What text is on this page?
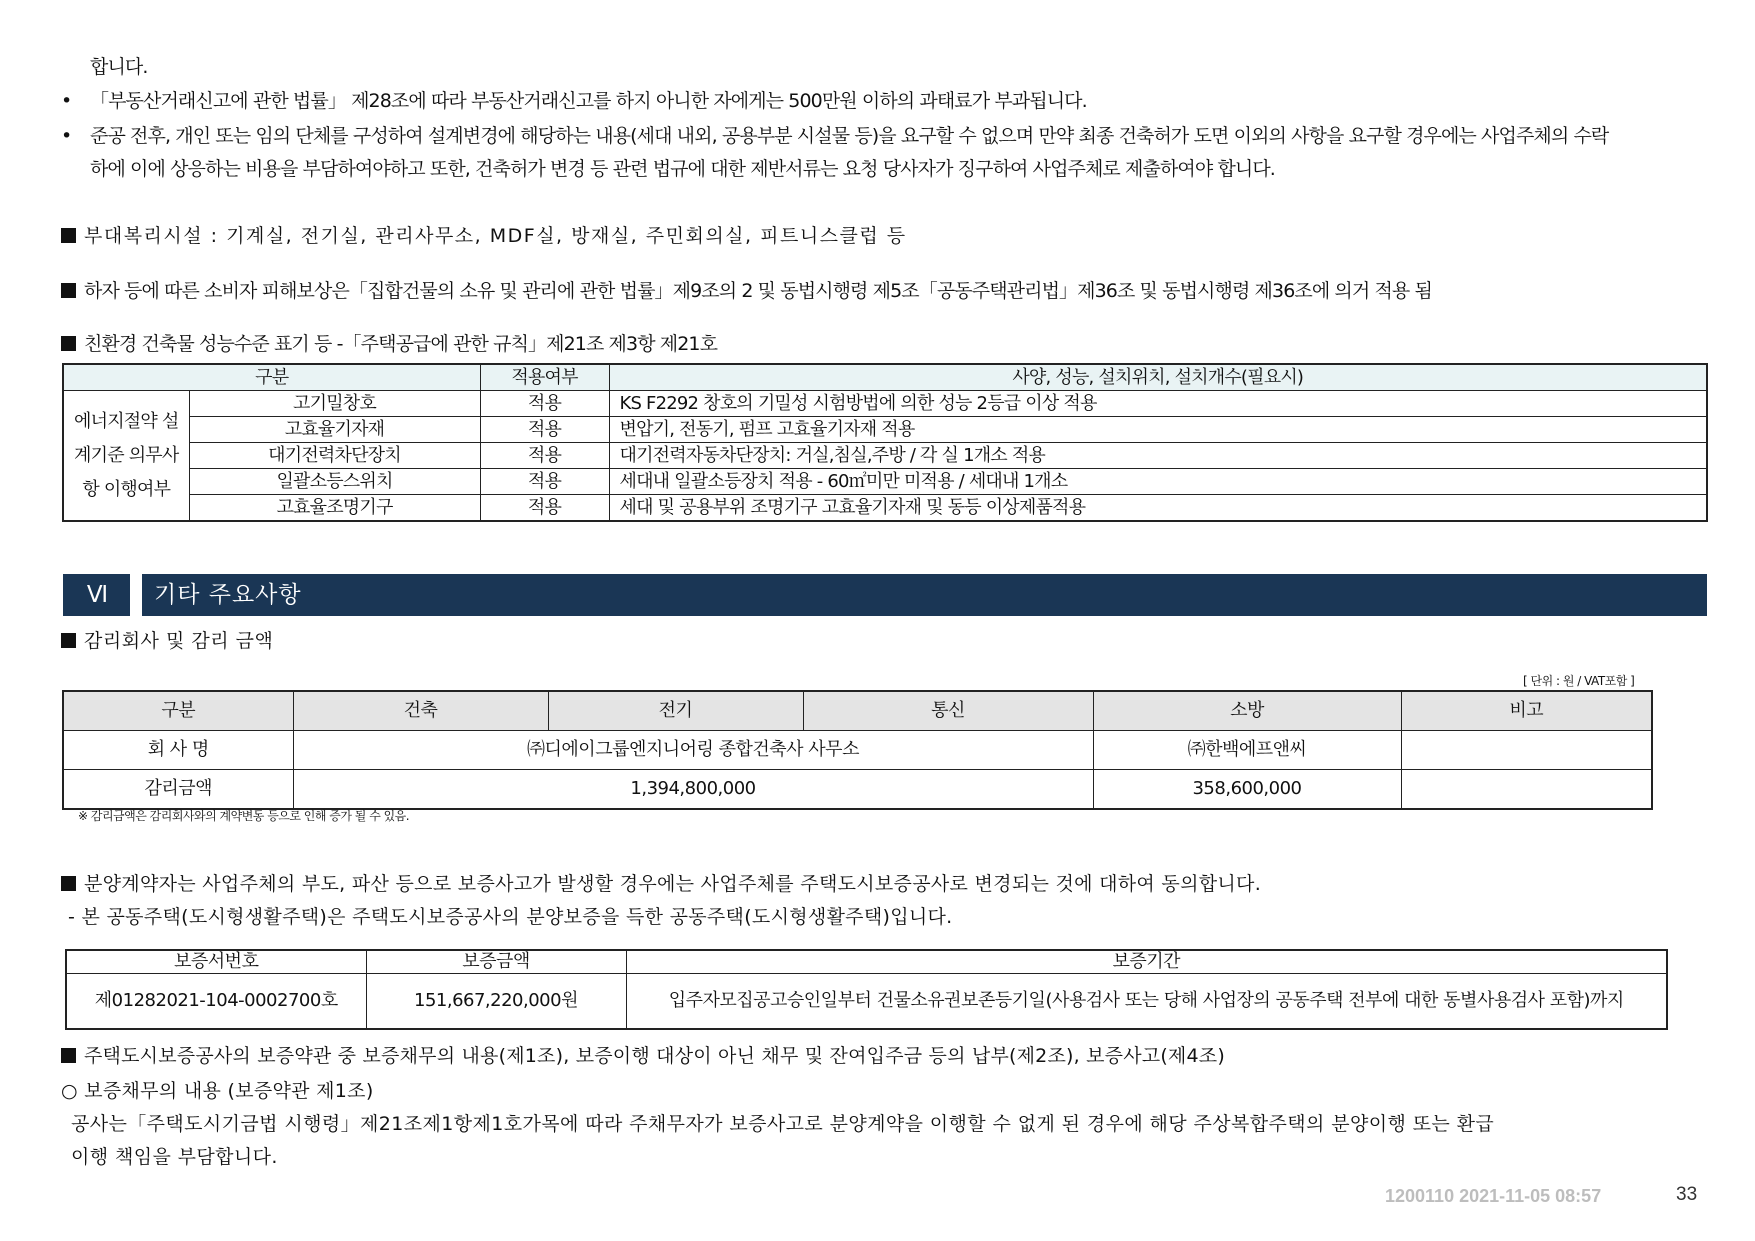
합니다.
• 「부동산거래신고에 관한 법률」 제28조에 따라 부동산거래신고를 하지 아니한 자에게는 500만원 이하의 과태료가 부과됩니다.
• 준공 전후, 개인 또는 임의 단체를 구성하여 설계변경에 해당하는 내용(세대 내외, 공용부분 시설물 등)을 요구할 수 없으며 만약 최종 건축허가 도면 이외의 사항을 요구할 경우에는 사업주체의 수락
하에 이에 상응하는 비용을 부담하여야하고 또한, 건축허가 변경 등 관련 법규에 대한 제반서류는 요청 당사자가 징구하여 사업주체로 제출하여야 합니다.
부대복리시설 : 기계실, 전기실, 관리사무소, MDF실, 방재실, 주민회의실, 피트니스클럽 등
하자 등에 따른 소비자 피해보상은「집합건물의 소유 및 관리에 관한 법률」제9조의 2 및 동법시행령 제5조「공동주택관리법」제36조 및 동법시행령 제36조에 의거 적용 됨
친환경 건축물 성능수준 표기 등 -「주택공급에 관한 규칙」제21조 제3항 제21호
구분		적용여부	사양, 성능, 설치위치, 설치개수(필요시)
에너지절약 설계기준 의무사항 이행여부	고기밀창호	적용	KS F2292 창호의 기밀성 시험방법에 의한 성능 2등급 이상 적용
	고효율기자재	적용	변압기, 전동기, 펌프 고효율기자재 적용
	대기전력차단장치	적용	대기전력자동차단장치: 거실,침실,주방 / 각 실 1개소 적용
	일괄소등스위치	적용	세대내 일괄소등장치 적용 - 60㎡미만 미적용 / 세대내 1개소
	고효율조명기구	적용	세대 및 공용부위 조명기구 고효율기자재 및 동등 이상제품적용
Ⅵ	기타 주요사항
감리회사 및 감리 금액
[ 단위 : 원 / VAT포함 ]
구분	건축	전기	통신	소방	비고
회 사 명	㈜디에이그룹엔지니어링 종합건축사 사무소			㈜한백에프앤씨	
감리금액	1,394,800,000			358,600,000	
※ 감리금액은 감리회사와의 계약변동 등으로 인해 증가 될 수 있음.
분양계약자는 사업주체의 부도, 파산 등으로 보증사고가 발생할 경우에는 사업주체를 주택도시보증공사로 변경되는 것에 대하여 동의합니다.
- 본 공동주택(도시형생활주택)은 주택도시보증공사의 분양보증을 득한 공동주택(도시형생활주택)입니다.
보증서번호	보증금액	보증기간
제01282021-104-0002700호	151,667,220,000원	입주자모집공고승인일부터 건물소유권보존등기일(사용검사 또는 당해 사업장의 공동주택 전부에 대한 동별사용검사 포함)까지
주택도시보증공사의 보증약관 중 보증채무의 내용(제1조), 보증이행 대상이 아닌 채무 및 잔여입주금 등의 납부(제2조), 보증사고(제4조)
○ 보증채무의 내용 (보증약관 제1조)
공사는「주택도시기금법 시행령」제21조제1항제1호가목에 따라 주채무자가 보증사고로 분양계약을 이행할 수 없게 된 경우에 해당 주상복합주택의 분양이행 또는 환급
이행 책임을 부담합니다.
1200110 2021-11-05 08:57	33
